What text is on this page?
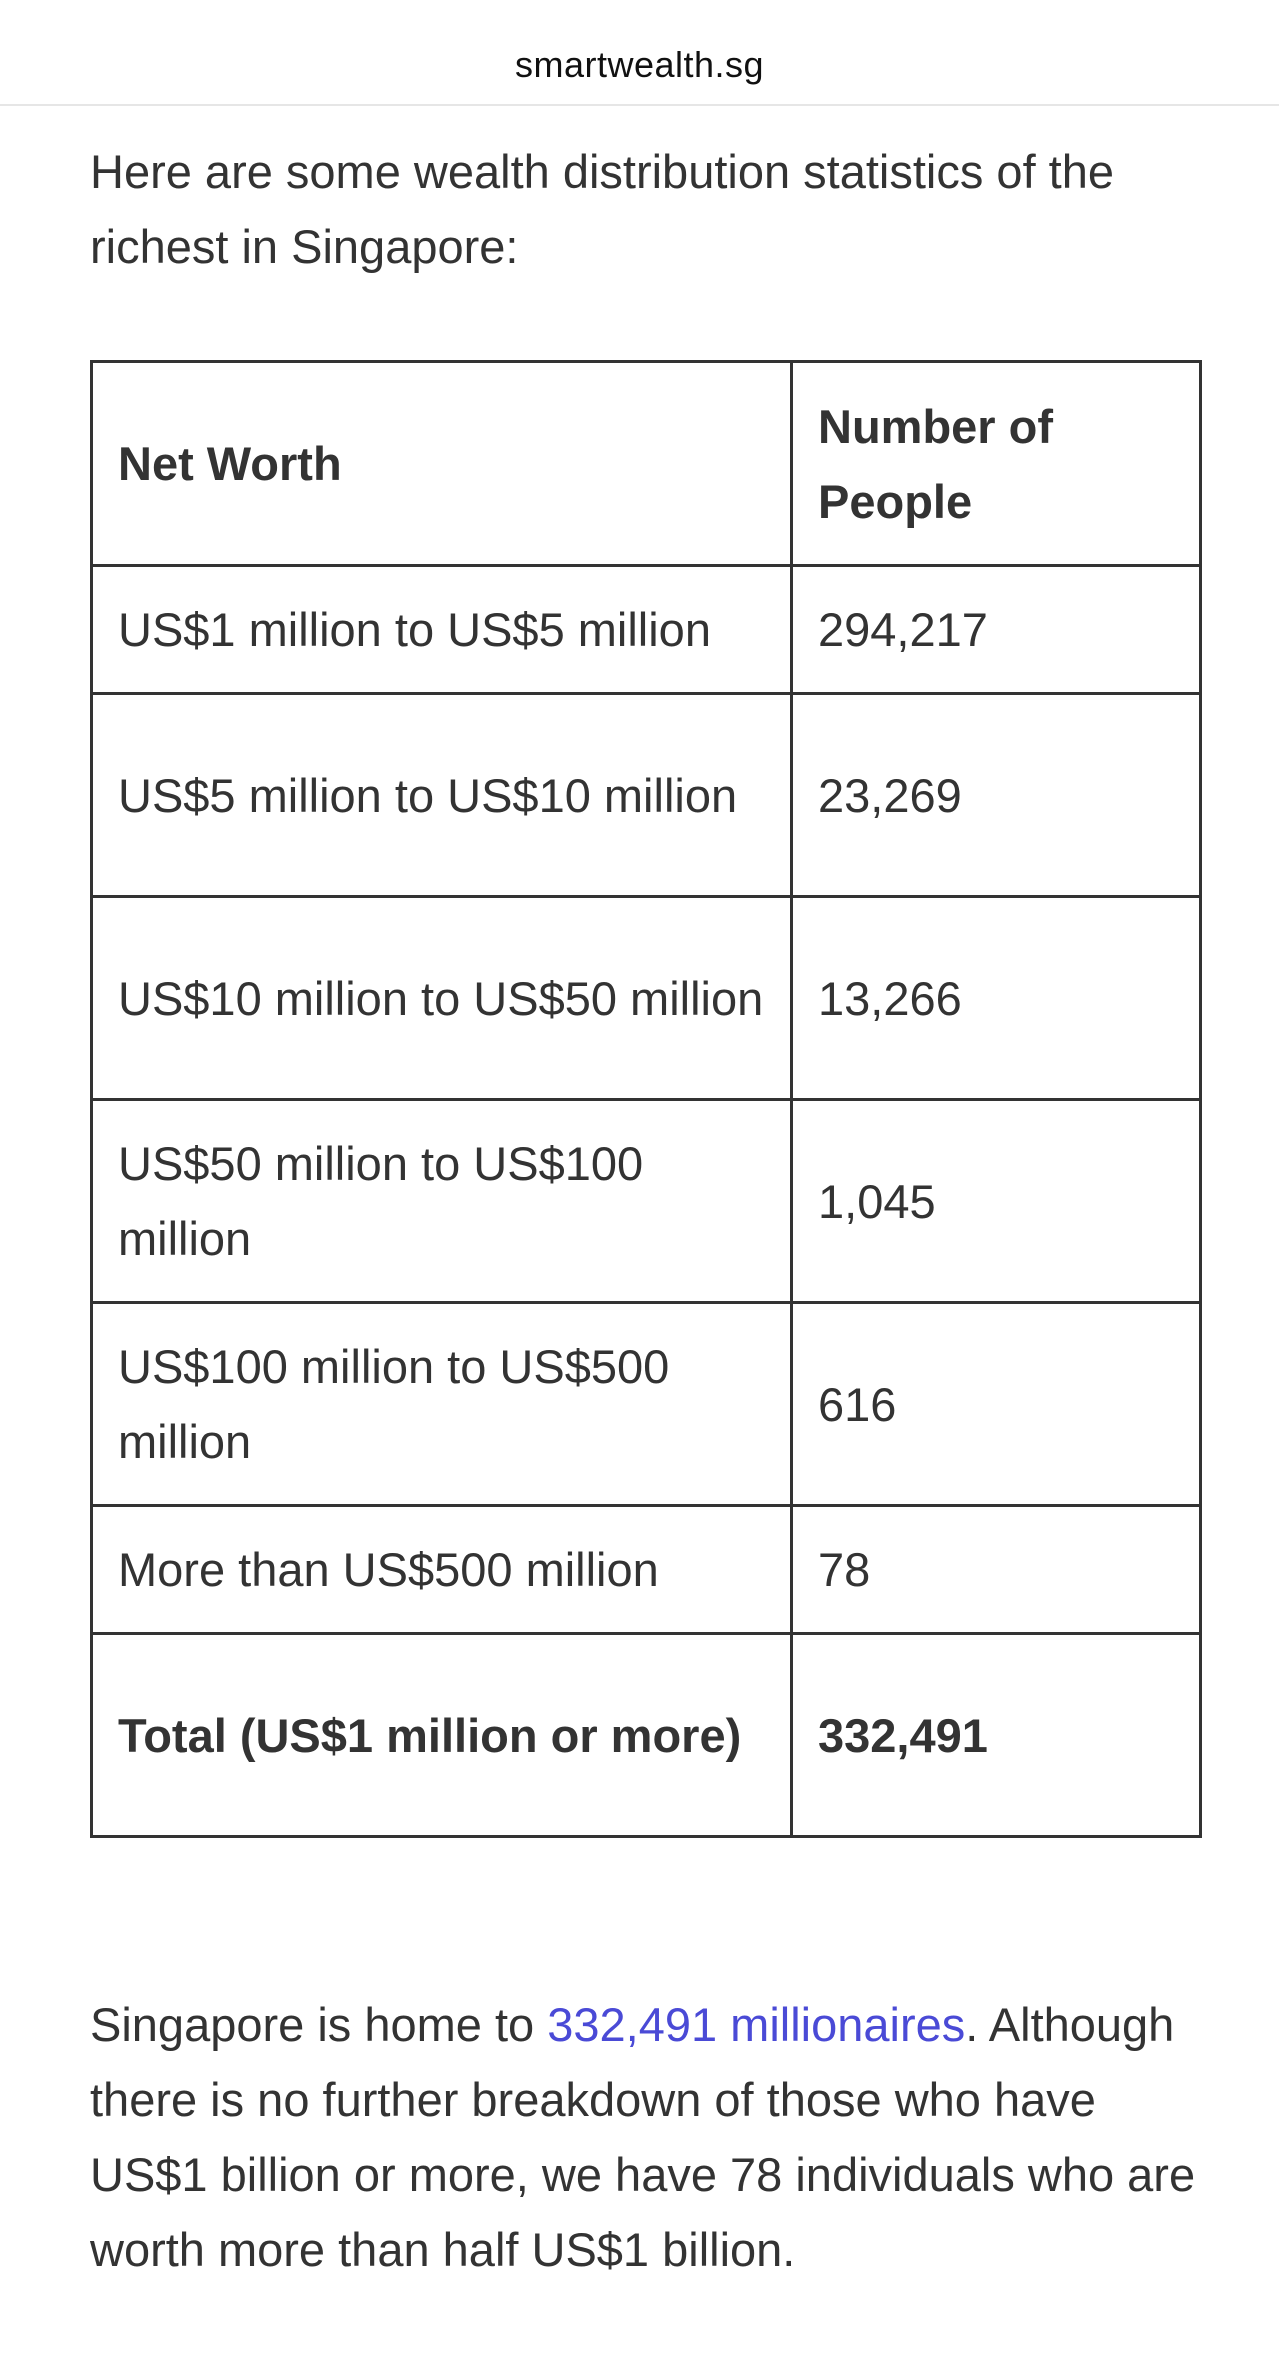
smartwealth.sg

Here are some wealth distribution statistics of the richest in Singapore:

Net Worth	Number of People
US$1 million to US$5 million	294,217
US$5 million to US$10 million	23,269
US$10 million to US$50 million	13,266
US$50 million to US$100 million	1,045
US$100 million to US$500 million	616
More than US$500 million	78
Total (US$1 million or more)	332,491

Singapore is home to 332,491 millionaires. Although there is no further breakdown of those who have US$1 billion or more, we have 78 individuals who are worth more than half US$1 billion.
